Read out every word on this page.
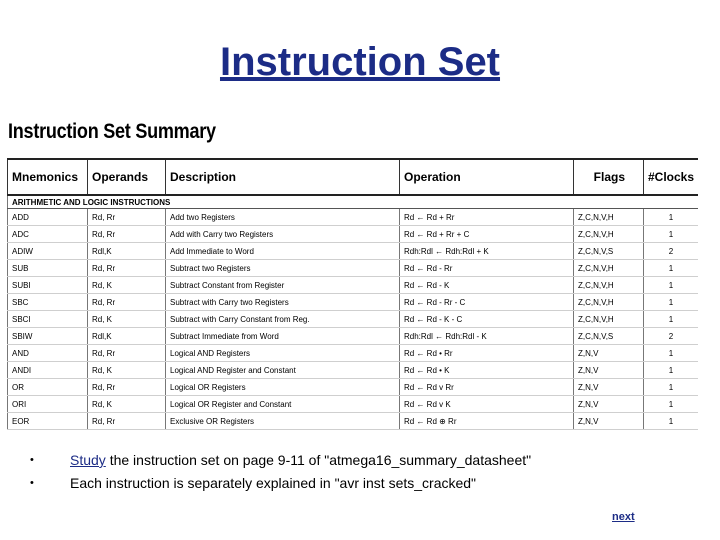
Instruction Set
Instruction Set Summary
Mnemonics	Operands	Description	Operation	Flags	#Clocks
ARITHMETIC AND LOGIC INSTRUCTIONS					
ADD	Rd, Rr	Add two Registers	Rd ← Rd + Rr	Z,C,N,V,H	1
ADC	Rd, Rr	Add with Carry two Registers	Rd ← Rd + Rr + C	Z,C,N,V,H	1
ADIW	Rdl,K	Add Immediate to Word	Rdh:Rdl ← Rdh:Rdl + K	Z,C,N,V,S	2
SUB	Rd, Rr	Subtract two Registers	Rd ← Rd - Rr	Z,C,N,V,H	1
SUBI	Rd, K	Subtract Constant from Register	Rd ← Rd - K	Z,C,N,V,H	1
SBC	Rd, Rr	Subtract with Carry two Registers	Rd ← Rd - Rr - C	Z,C,N,V,H	1
SBCI	Rd, K	Subtract with Carry Constant from Reg.	Rd ← Rd - K - C	Z,C,N,V,H	1
SBIW	Rdl,K	Subtract Immediate from Word	Rdh:Rdl ← Rdh:Rdl - K	Z,C,N,V,S	2
AND	Rd, Rr	Logical AND Registers	Rd ← Rd • Rr	Z,N,V	1
ANDI	Rd, K	Logical AND Register and Constant	Rd ← Rd • K	Z,N,V	1
OR	Rd, Rr	Logical OR Registers	Rd ← Rd v Rr	Z,N,V	1
ORI	Rd, K	Logical OR Register and Constant	Rd ← Rd v K	Z,N,V	1
EOR	Rd, Rr	Exclusive OR Registers	Rd ← Rd ⊕ Rr	Z,N,V	1
•	Study the instruction set on page 9-11 of "atmega16_summary_datasheet"
•	Each instruction is separately explained in "avr inst sets_cracked"
next
